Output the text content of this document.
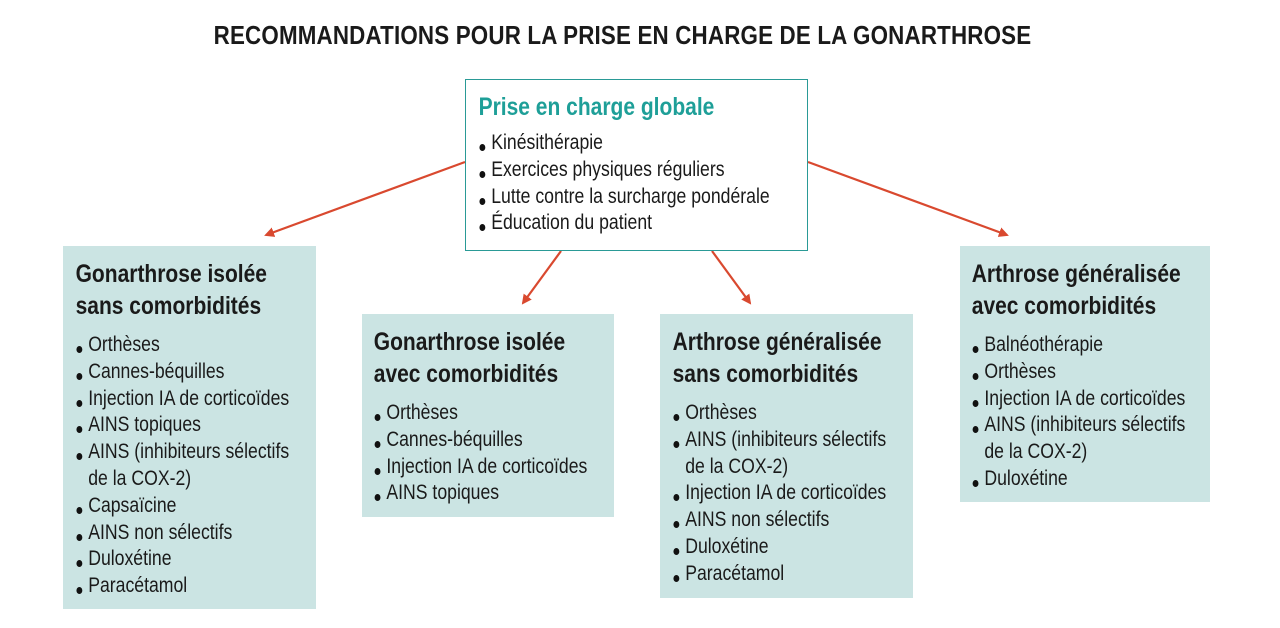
RECOMMANDATIONS POUR LA PRISE EN CHARGE DE LA GONARTHROSE
Prise en charge globale
Kinésithérapie
Exercices physiques réguliers
Lutte contre la surcharge pondérale
Éducation du patient
Gonarthrose isolée
sans comorbidités
Orthèses
Cannes-béquilles
Injection IA de corticoïdes
AINS topiques
AINS (inhibiteurs sélectifs
de la COX-2)
Capsaïcine
AINS non sélectifs
Duloxétine
Paracétamol
Gonarthrose isolée
avec comorbidités
Orthèses
Cannes-béquilles
Injection IA de corticoïdes
AINS topiques
Arthrose généralisée
sans comorbidités
Orthèses
AINS (inhibiteurs sélectifs
de la COX-2)
Injection IA de corticoïdes
AINS non sélectifs
Duloxétine
Paracétamol
Arthrose généralisée
avec comorbidités
Balnéothérapie
Orthèses
Injection IA de corticoïdes
AINS (inhibiteurs sélectifs
de la COX-2)
Duloxétine
